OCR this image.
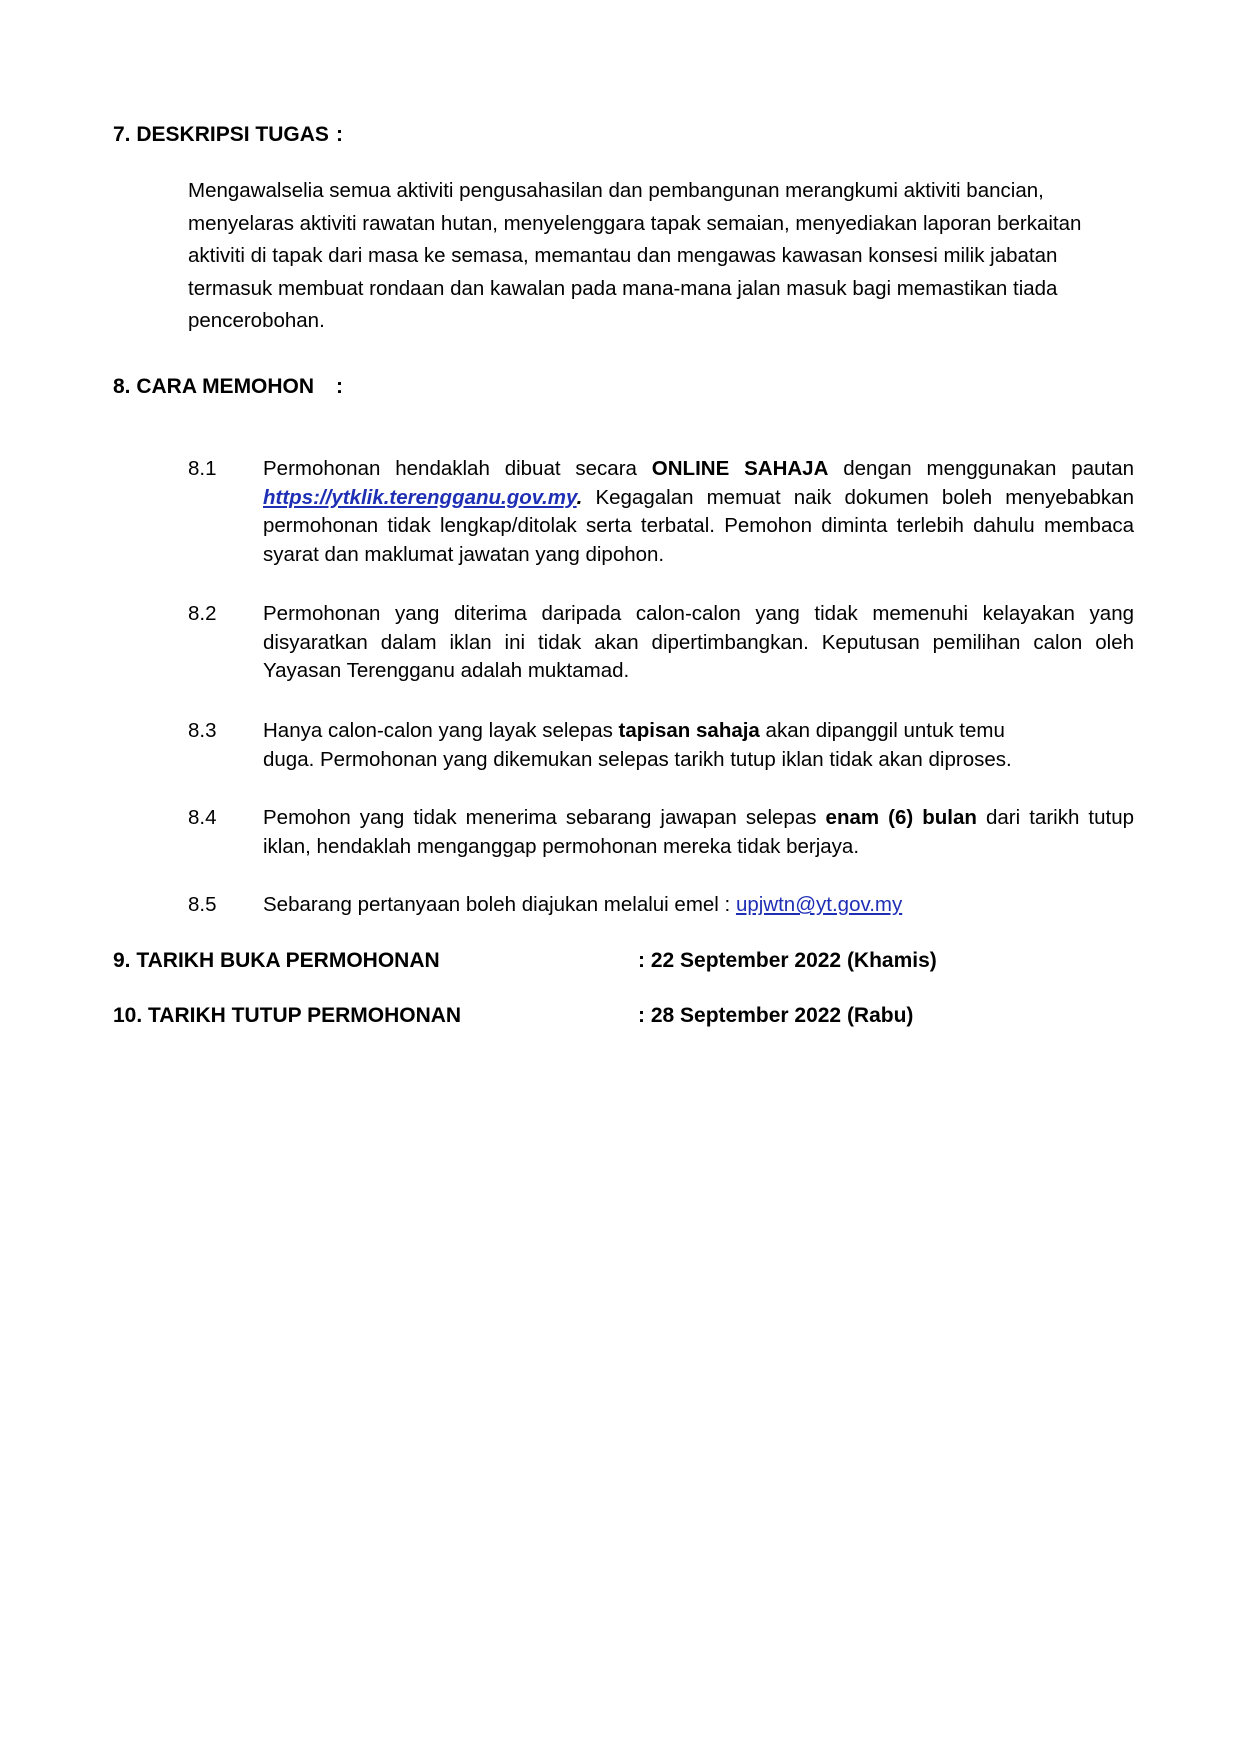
7. DESKRIPSI TUGAS :
Mengawalselia semua aktiviti pengusahasilan dan pembangunan merangkumi aktiviti bancian,
menyelaras aktiviti rawatan hutan, menyelenggara tapak semaian, menyediakan laporan berkaitan
aktiviti di tapak dari masa ke semasa, memantau dan mengawas kawasan konsesi milik jabatan
termasuk membuat rondaan dan kawalan pada mana-mana jalan masuk bagi memastikan tiada
pencerobohan.
8. CARA MEMOHON :
8.1 Permohonan hendaklah dibuat secara ONLINE SAHAJA dengan menggunakan pautan https://ytklik.terengganu.gov.my. Kegagalan memuat naik dokumen boleh menyebabkan permohonan tidak lengkap/ditolak serta terbatal. Pemohon diminta terlebih dahulu membaca syarat dan maklumat jawatan yang dipohon.
8.2 Permohonan yang diterima daripada calon-calon yang tidak memenuhi kelayakan yang disyaratkan dalam iklan ini tidak akan dipertimbangkan. Keputusan pemilihan calon oleh Yayasan Terengganu adalah muktamad.
8.3 Hanya calon-calon yang layak selepas tapisan sahaja akan dipanggil untuk temu
duga. Permohonan yang dikemukan selepas tarikh tutup iklan tidak akan diproses.
8.4 Pemohon yang tidak menerima sebarang jawapan selepas enam (6) bulan dari tarikh tutup iklan, hendaklah menganggap permohonan mereka tidak berjaya.
8.5 Sebarang pertanyaan boleh diajukan melalui emel : upjwtn@yt.gov.my
9. TARIKH BUKA PERMOHONAN	: 22 September 2022 (Khamis)
10. TARIKH TUTUP PERMOHONAN	: 28 September 2022 (Rabu)
